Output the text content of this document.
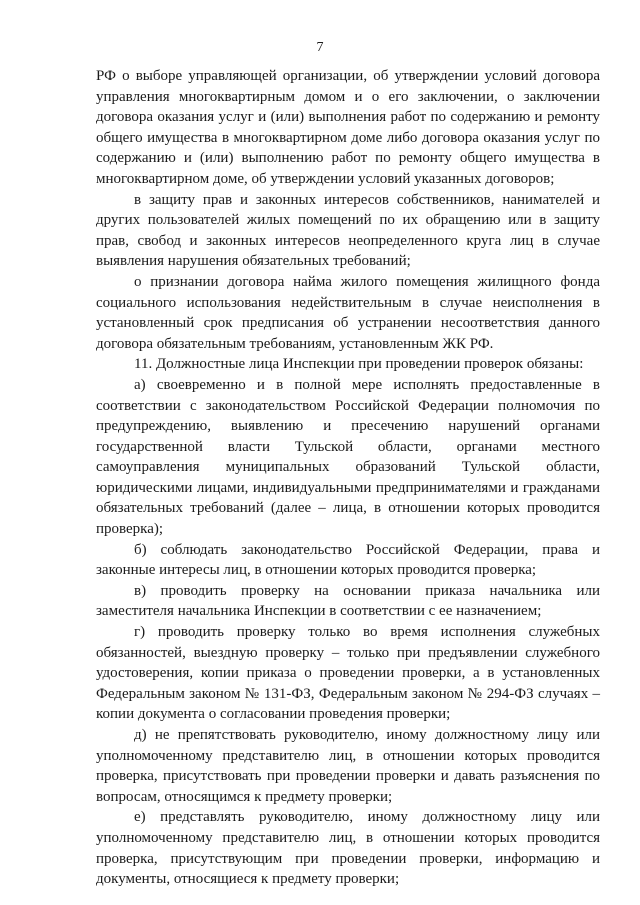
7

РФ о выборе управляющей организации, об утверждении условий договора управления многоквартирным домом и о его заключении, о заключении договора оказания услуг и (или) выполнения работ по содержанию и ремонту общего имущества в многоквартирном доме либо договора оказания услуг по содержанию и (или) выполнению работ по ремонту общего имущества в многоквартирном доме, об утверждении условий указанных договоров;

в защиту прав и законных интересов собственников, нанимателей и других пользователей жилых помещений по их обращению или в защиту прав, свобод и законных интересов неопределенного круга лиц в случае выявления нарушения обязательных требований;

о признании договора найма жилого помещения жилищного фонда социального использования недействительным в случае неисполнения в установленный срок предписания об устранении несоответствия данного договора обязательным требованиям, установленным ЖК РФ.

11. Должностные лица Инспекции при проведении проверок обязаны:

а) своевременно и в полной мере исполнять предоставленные в соответствии с законодательством Российской Федерации полномочия по предупреждению, выявлению и пресечению нарушений органами государственной власти Тульской области, органами местного самоуправления муниципальных образований Тульской области, юридическими лицами, индивидуальными предпринимателями и гражданами обязательных требований (далее – лица, в отношении которых проводится проверка);

б) соблюдать законодательство Российской Федерации, права и законные интересы лиц, в отношении которых проводится проверка;

в) проводить проверку на основании приказа начальника или заместителя начальника Инспекции в соответствии с ее назначением;

г) проводить проверку только во время исполнения служебных обязанностей, выездную проверку – только при предъявлении служебного удостоверения, копии приказа о проведении проверки, а в установленных Федеральным законом № 131-ФЗ, Федеральным законом № 294-ФЗ случаях – копии документа о согласовании проведения проверки;

д) не препятствовать руководителю, иному должностному лицу или уполномоченному представителю лиц, в отношении которых проводится проверка, присутствовать при проведении проверки и давать разъяснения по вопросам, относящимся к предмету проверки;

е) представлять руководителю, иному должностному лицу или уполномоченному представителю лиц, в отношении которых проводится проверка, присутствующим при проведении проверки, информацию и документы, относящиеся к предмету проверки;
